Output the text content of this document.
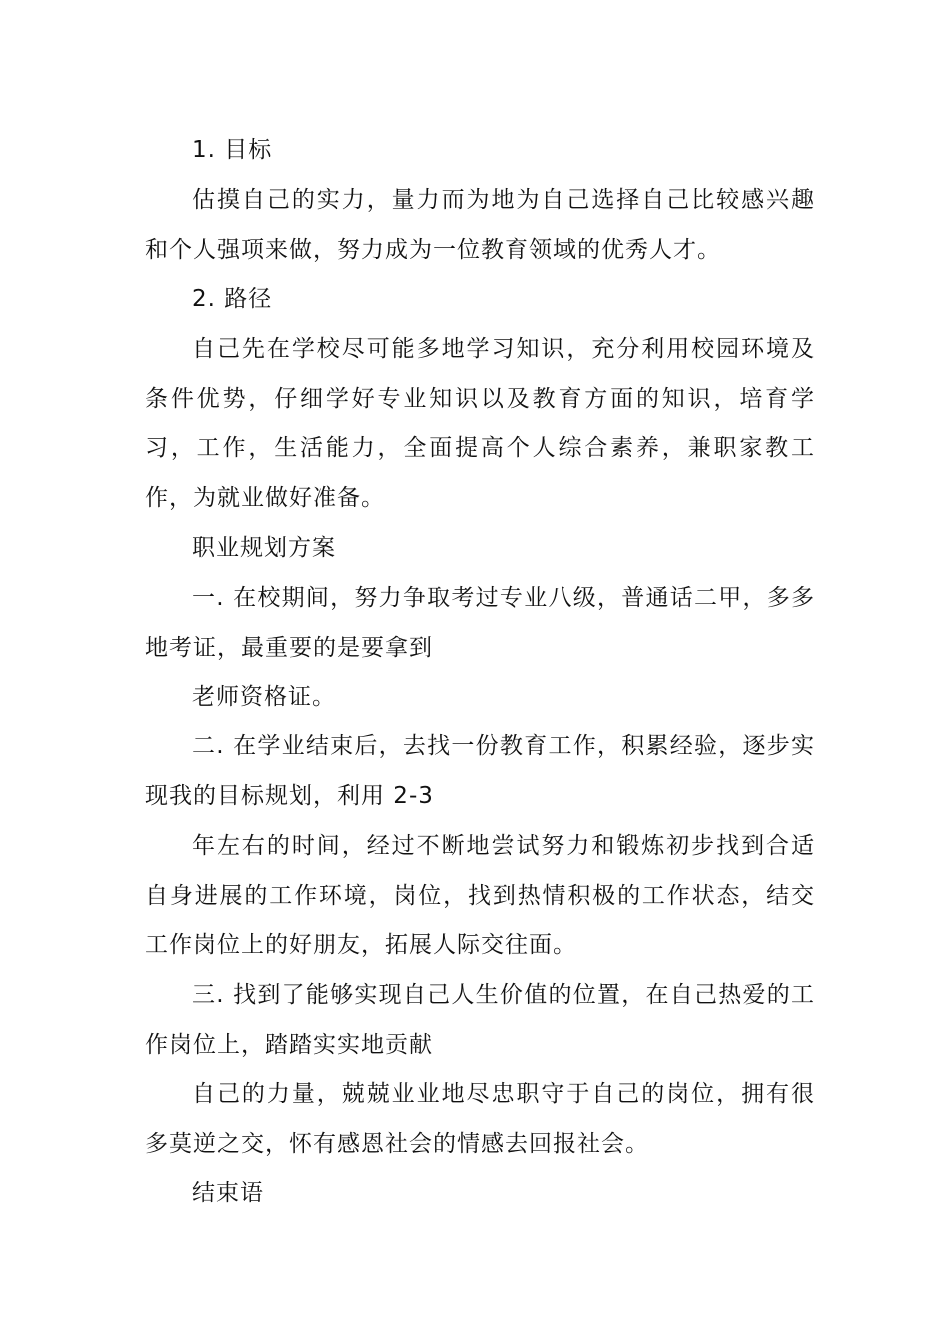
1. 目标

估摸自己的实力，量力而为地为自己选择自己比较感兴趣和个人强项来做，努力成为一位教育领域的优秀人才。

2. 路径

自己先在学校尽可能多地学习知识，充分利用校园环境及条件优势，仔细学好专业知识以及教育方面的知识，培育学习，工作，生活能力，全面提高个人综合素养，兼职家教工作，为就业做好准备。

职业规划方案

一. 在校期间，努力争取考过专业八级，普通话二甲，多多地考证，最重要的是要拿到

老师资格证。

二. 在学业结束后，去找一份教育工作，积累经验，逐步实现我的目标规划，利用 2-3

年左右的时间，经过不断地尝试努力和锻炼初步找到合适自身进展的工作环境，岗位，找到热情积极的工作状态，结交工作岗位上的好朋友，拓展人际交往面。

三. 找到了能够实现自己人生价值的位置，在自己热爱的工作岗位上，踏踏实实地贡献

自己的力量，兢兢业业地尽忠职守于自己的岗位，拥有很多莫逆之交，怀有感恩社会的情感去回报社会。

结束语
